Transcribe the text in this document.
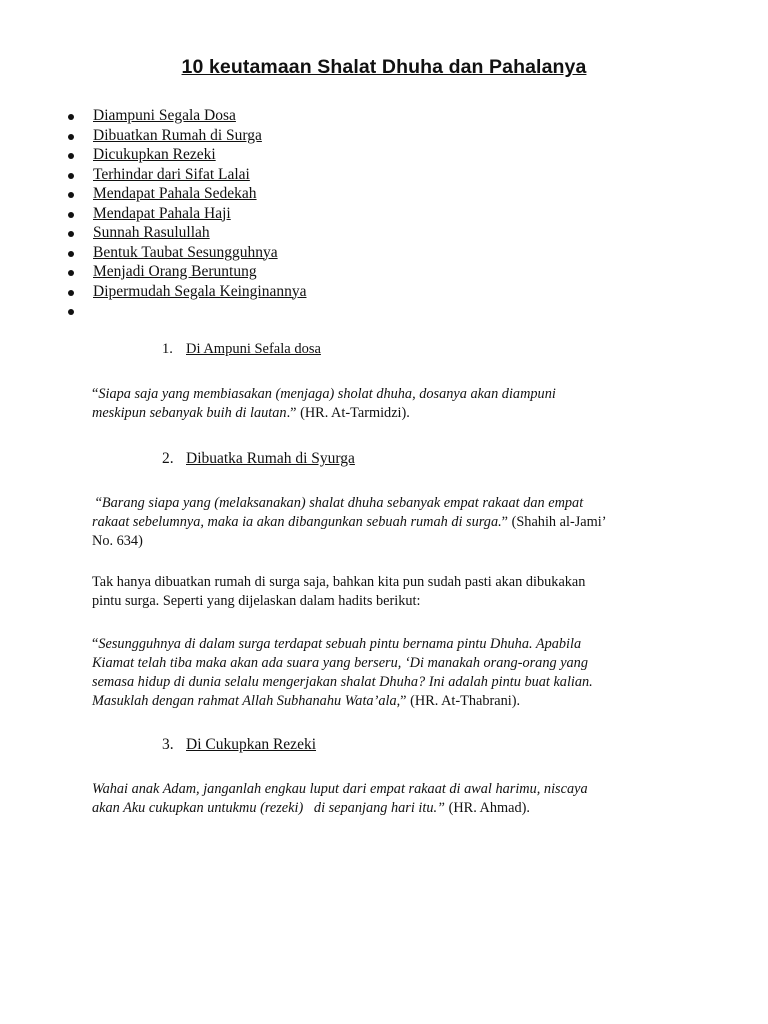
10 keutamaan Shalat Dhuha dan Pahalanya
Diampuni Segala Dosa
Dibuatkan Rumah di Surga
Dicukupkan Rezeki
Terhindar dari Sifat Lalai
Mendapat Pahala Sedekah
Mendapat Pahala Haji
Sunnah Rasulullah
Bentuk Taubat Sesungguhnya
Menjadi Orang Beruntung
Dipermudah Segala Keinginannya
1. Di Ampuni Sefala dosa
“Siapa saja yang membiasakan (menjaga) sholat dhuha, dosanya akan diampuni
meskipun sebanyak buih di lautan.” (HR. At-Tarmidzi).
2. Dibuatka Rumah di Syurga
“Barang siapa yang (melaksanakan) shalat dhuha sebanyak empat rakaat dan empat
rakaat sebelumnya, maka ia akan dibangunkan sebuah rumah di surga.” (Shahih al-Jami’
No. 634)
Tak hanya dibuatkan rumah di surga saja, bahkan kita pun sudah pasti akan dibukakan
pintu surga. Seperti yang dijelaskan dalam hadits berikut:
“Sesungguhnya di dalam surga terdapat sebuah pintu bernama pintu Dhuha. Apabila
Kiamat telah tiba maka akan ada suara yang berseru, ‘Di manakah orang-orang yang
semasa hidup di dunia selalu mengerjakan shalat Dhuha? Ini adalah pintu buat kalian.
Masuklah dengan rahmat Allah Subhanahu Wata’ala,” (HR. At-Thabrani).
3. Di Cukupkan Rezeki
Wahai anak Adam, janganlah engkau luput dari empat rakaat di awal harimu, niscaya
akan Aku cukupkan untukmu (rezeki)   di sepanjang hari itu.” (HR. Ahmad).
